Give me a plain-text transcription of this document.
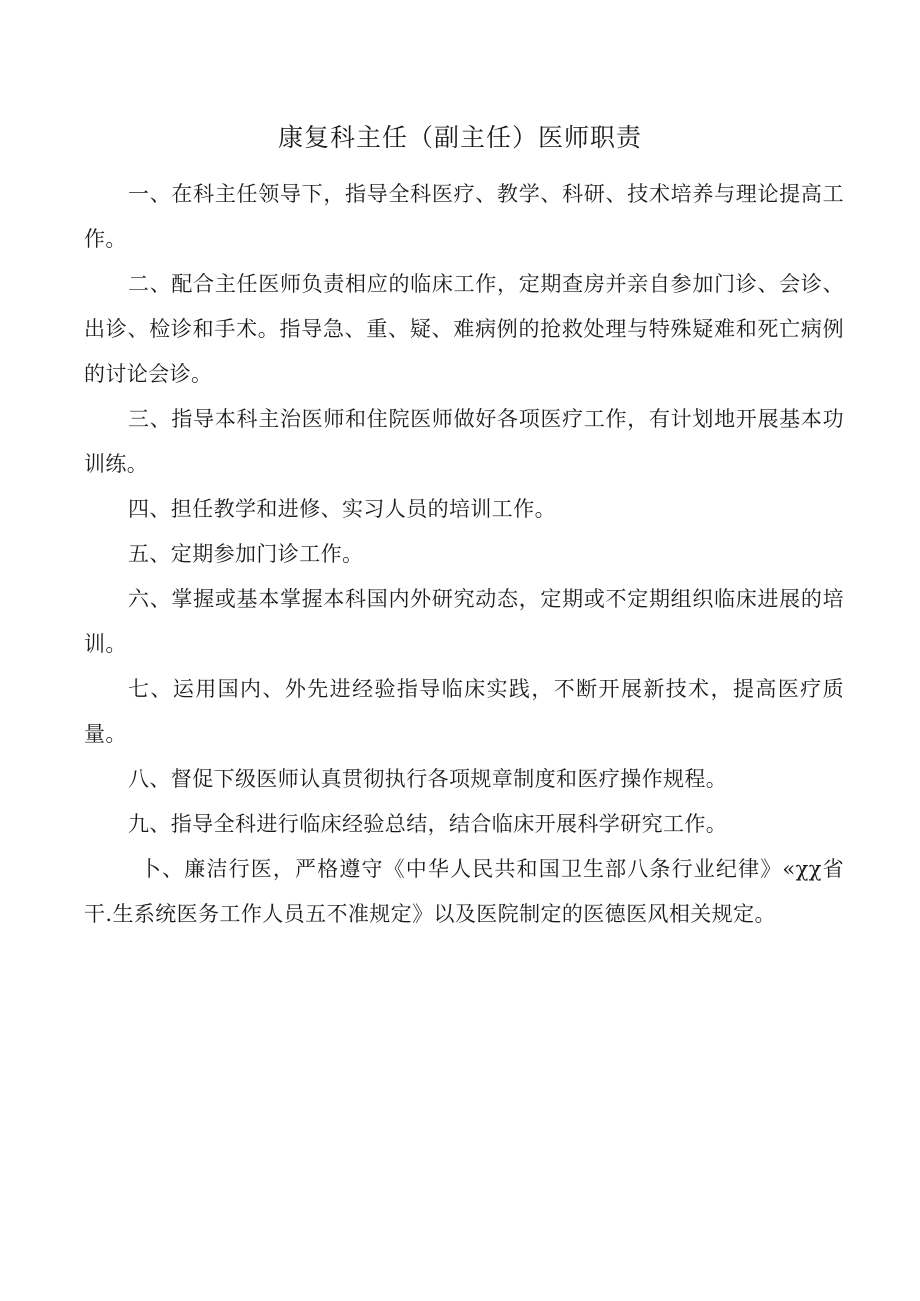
康复科主任（副主任）医师职责

一、在科主任领导下，指导全科医疗、教学、科研、技术培养与理论提高工作。

二、配合主任医师负责相应的临床工作，定期查房并亲自参加门诊、会诊、出诊、检诊和手术。指导急、重、疑、难病例的抢救处理与特殊疑难和死亡病例的讨论会诊。

三、指导本科主治医师和住院医师做好各项医疗工作，有计划地开展基本功训练。

四、担任教学和进修、实习人员的培训工作。

五、定期参加门诊工作。

六、掌握或基本掌握本科国内外研究动态，定期或不定期组织临床进展的培训。

七、运用国内、外先进经验指导临床实践，不断开展新技术，提高医疗质量。

八、督促下级医师认真贯彻执行各项规章制度和医疗操作规程。

九、指导全科进行临床经验总结，结合临床开展科学研究工作。

卜、廉洁行医，严格遵守《中华人民共和国卫生部八条行业纪律》«χχ省干.生系统医务工作人员五不准规定》以及医院制定的医德医风相关规定。
